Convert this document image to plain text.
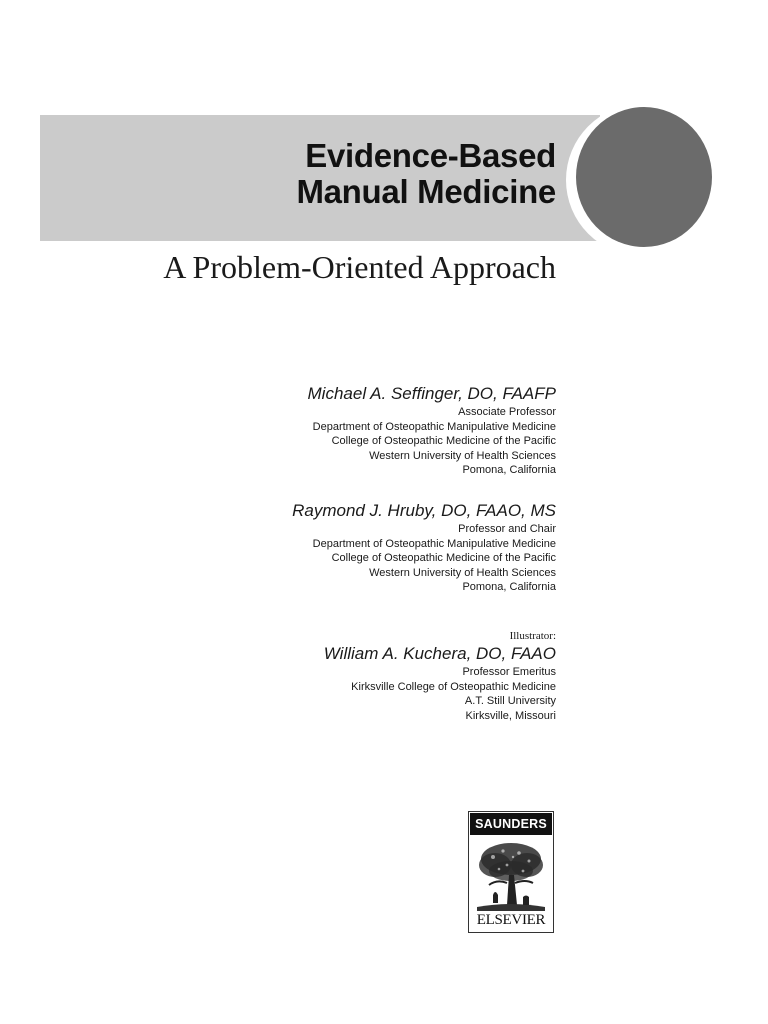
Evidence-Based
Manual Medicine
A Problem-Oriented Approach
Michael A. Seffinger, DO, FAAFP
Associate Professor
Department of Osteopathic Manipulative Medicine
College of Osteopathic Medicine of the Pacific
Western University of Health Sciences
Pomona, California
Raymond J. Hruby, DO, FAAO, MS
Professor and Chair
Department of Osteopathic Manipulative Medicine
College of Osteopathic Medicine of the Pacific
Western University of Health Sciences
Pomona, California
Illustrator:
William A. Kuchera, DO, FAAO
Professor Emeritus
Kirksville College of Osteopathic Medicine
A.T. Still University
Kirksville, Missouri
SAUNDERS
ELSEVIER
